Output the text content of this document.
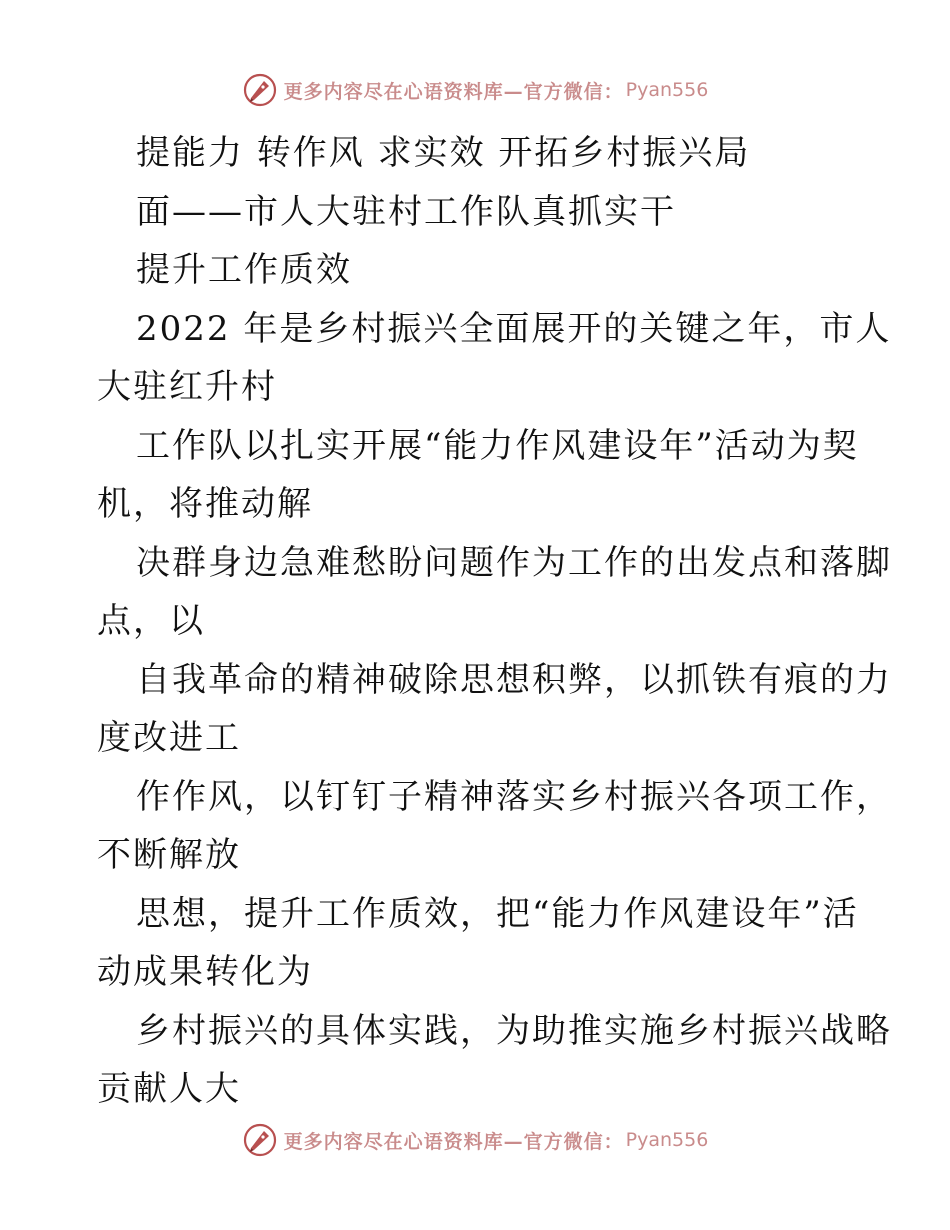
更多内容尽在心语资料库—官方微信： Pyan556
提能力 转作风 求实效 开拓乡村振兴局
面——市人大驻村工作队真抓实干
提升工作质效
2022 年是乡村振兴全面展开的关键之年，市人
大驻红升村
工作队以扎实开展“能力作风建设年”活动为契
机，将推动解
决群身边急难愁盼问题作为工作的出发点和落脚
点，以
自我革命的精神破除思想积弊，以抓铁有痕的力
度改进工
作作风，以钉钉子精神落实乡村振兴各项工作，
不断解放
思想，提升工作质效，把“能力作风建设年”活
动成果转化为
乡村振兴的具体实践，为助推实施乡村振兴战略
贡献人大
更多内容尽在心语资料库—官方微信： Pyan556
